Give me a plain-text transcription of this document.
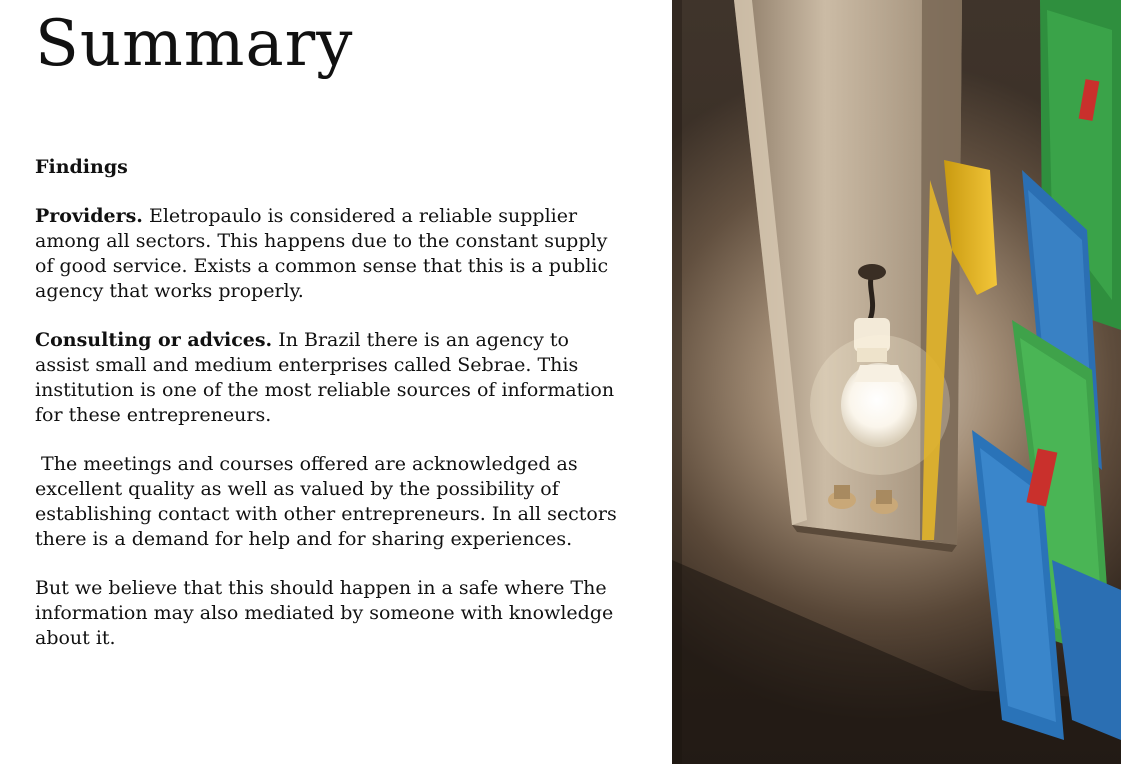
Summary
Findings

Providers. Eletropaulo is considered a reliable supplier among all sectors. This happens due to the constant supply of good service. Exists a common sense that this is a public agency that works properly.

Consulting or advices. In Brazil there is an agency to assist small and medium enterprises called Sebrae. This institution is one of the most reliable sources of information for these entrepreneurs.

The meetings and courses offered are acknowledged as excellent quality as well as valued by the possibility of establishing contact with other entrepreneurs. In all sectors there is a demand for help and for sharing experiences.

But we believe that this should happen in a safe where The information may also mediated by someone with knowledge about it.
